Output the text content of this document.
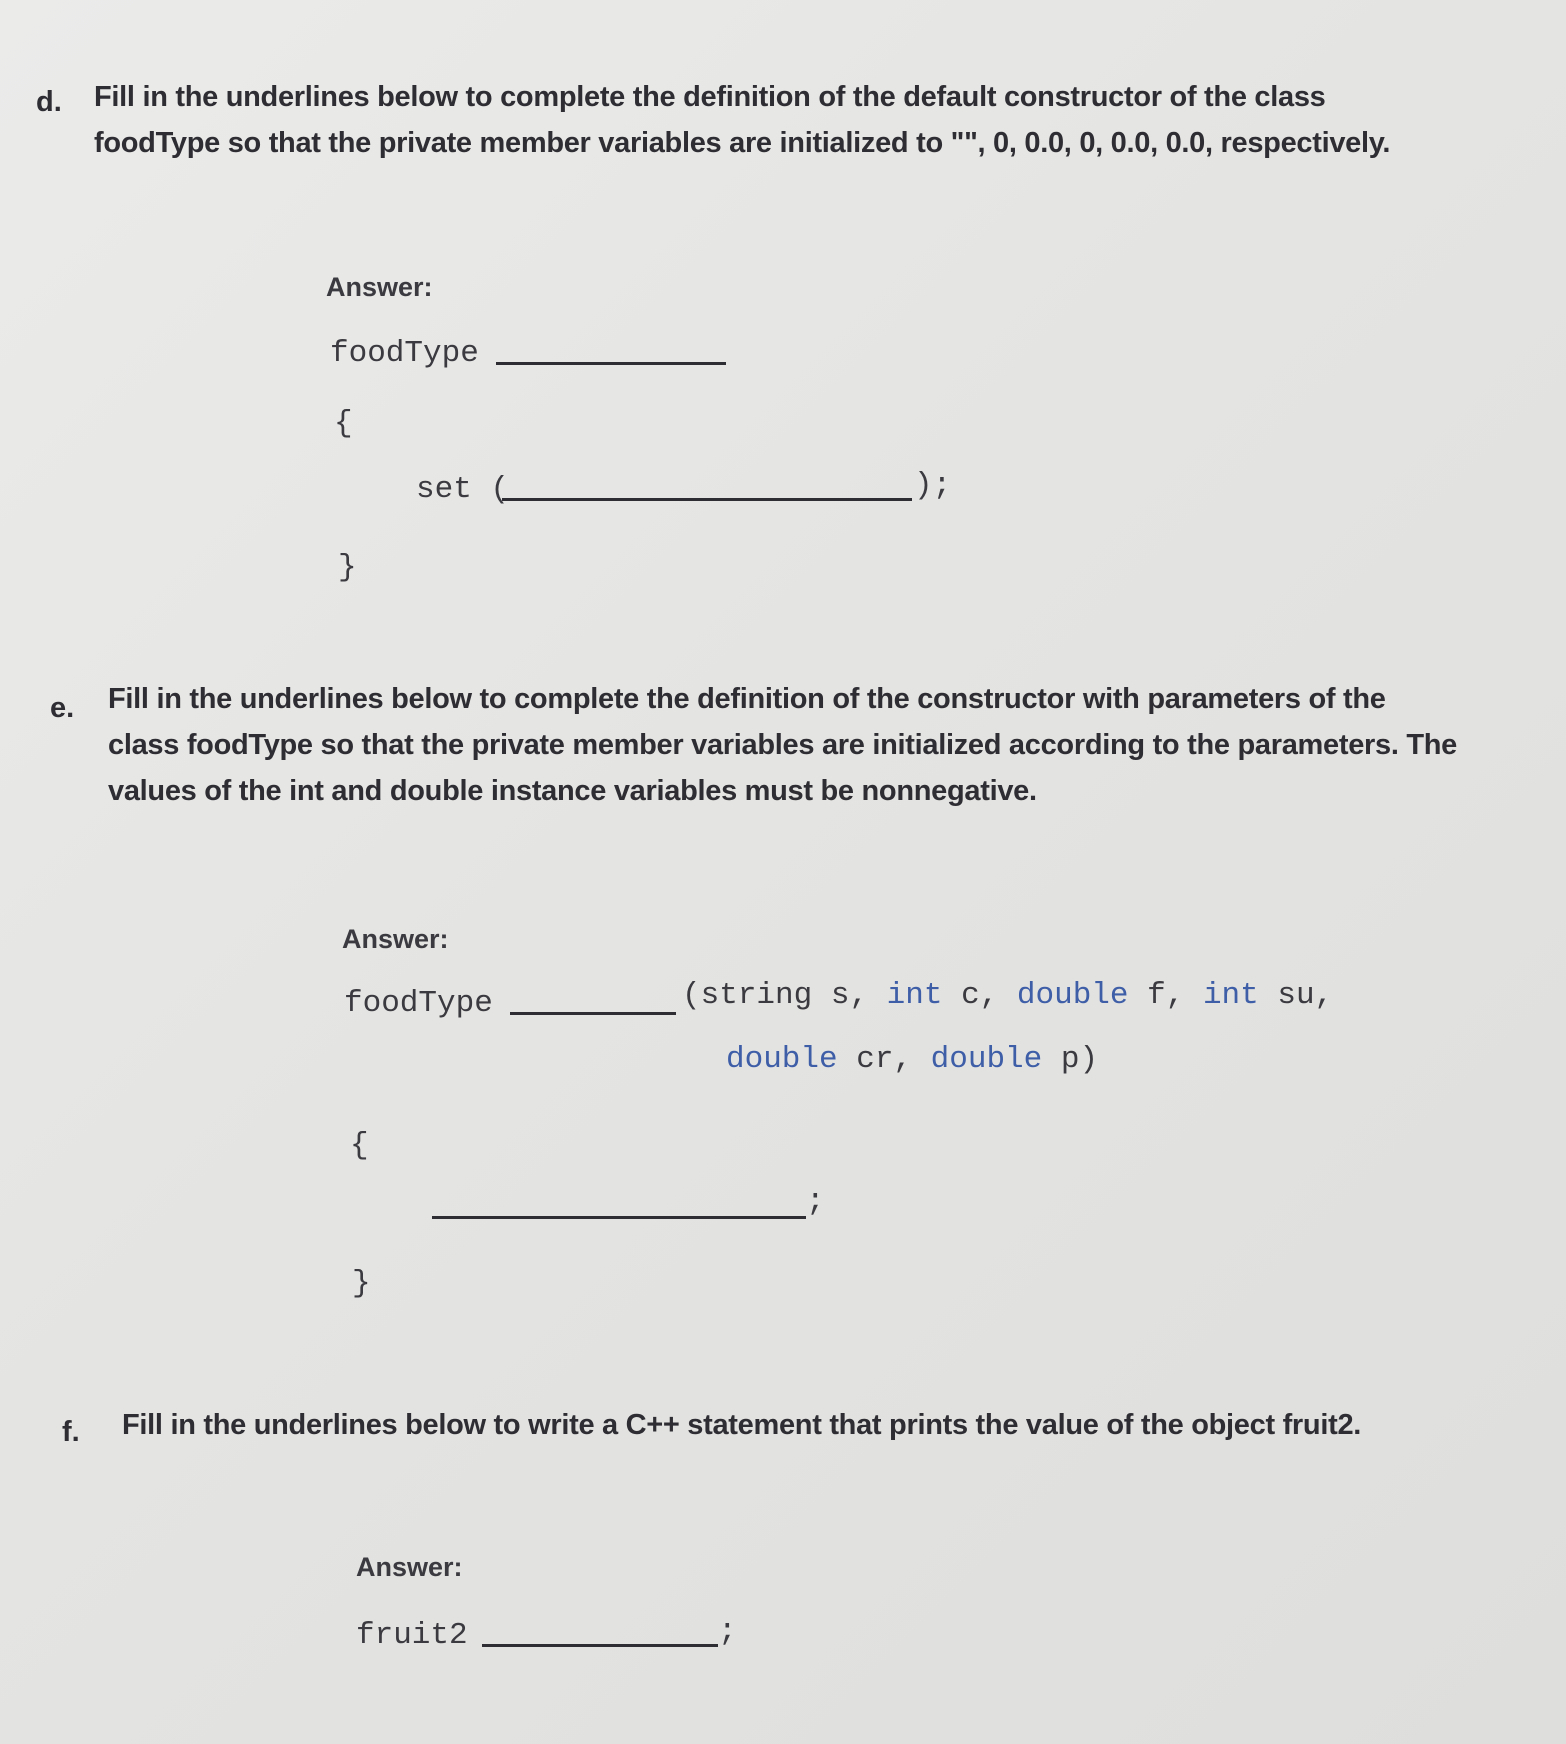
d. Fill in the underlines below to complete the definition of the default constructor of the class
foodType so that the private member variables are initialized to "", 0, 0.0, 0, 0.0, 0.0, respectively.
Answer:
foodType
{
set (	);
}
e. Fill in the underlines below to complete the definition of the constructor with parameters of the
class foodType so that the private member variables are initialized according to the parameters. The
values of the int and double instance variables must be nonnegative.
Answer:
foodType	(string s, int c, double f, int su,
double cr, double p)
{
;
}
f. Fill in the underlines below to write a C++ statement that prints the value of the object fruit2.
Answer:
fruit2	;
